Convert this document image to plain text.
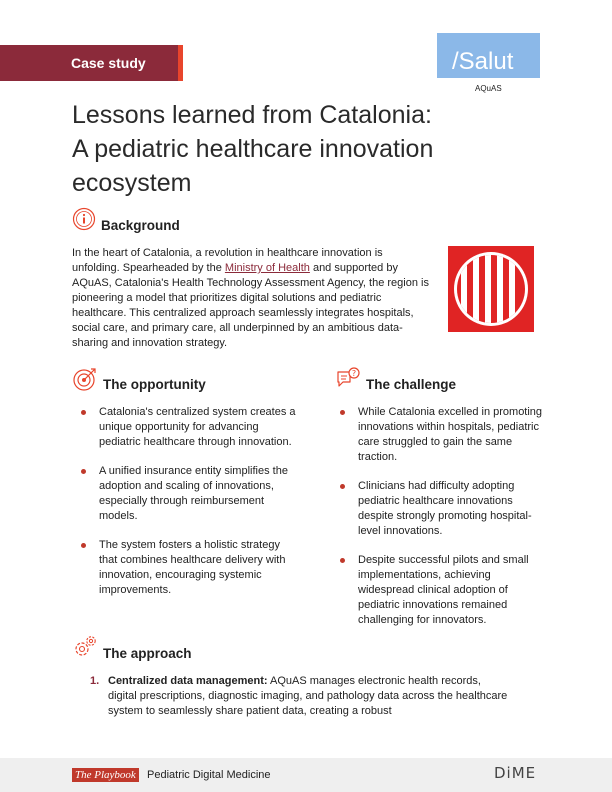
Case study	/Salut
AQuAS
Lessons learned from Catalonia:
A pediatric healthcare innovation
ecosystem
Background

In the heart of Catalonia, a revolution in healthcare innovation is unfolding. Spearheaded by the Ministry of Health and supported by AQuAS, Catalonia's Health Technology Assessment Agency, the region is pioneering a model that prioritizes digital solutions and pediatric healthcare. This centralized approach seamlessly integrates hospitals, social care, and primary care, all underpinned by an ambitious data-sharing and innovation strategy.

The opportunity
Catalonia's centralized system creates a unique opportunity for advancing pediatric healthcare through innovation.
A unified insurance entity simplifies the adoption and scaling of innovations, especially through reimbursement models.
The system fosters a holistic strategy that combines healthcare delivery with innovation, encouraging systemic improvements.
?
The challenge
While Catalonia excelled in promoting innovations within hospitals, pediatric care struggled to gain the same traction.
Clinicians had difficulty adopting pediatric healthcare innovations despite strongly promoting hospital-level innovations.
Despite successful pilots and small implementations, achieving widespread clinical adoption of pediatric innovations remained challenging for innovators.
The approach
1. Centralized data management: AQuAS manages electronic health records, digital prescriptions, diagnostic imaging, and pathology data across the healthcare system to seamlessly share patient data, creating a robust
The Playbook Pediatric Digital Medicine	DiME
